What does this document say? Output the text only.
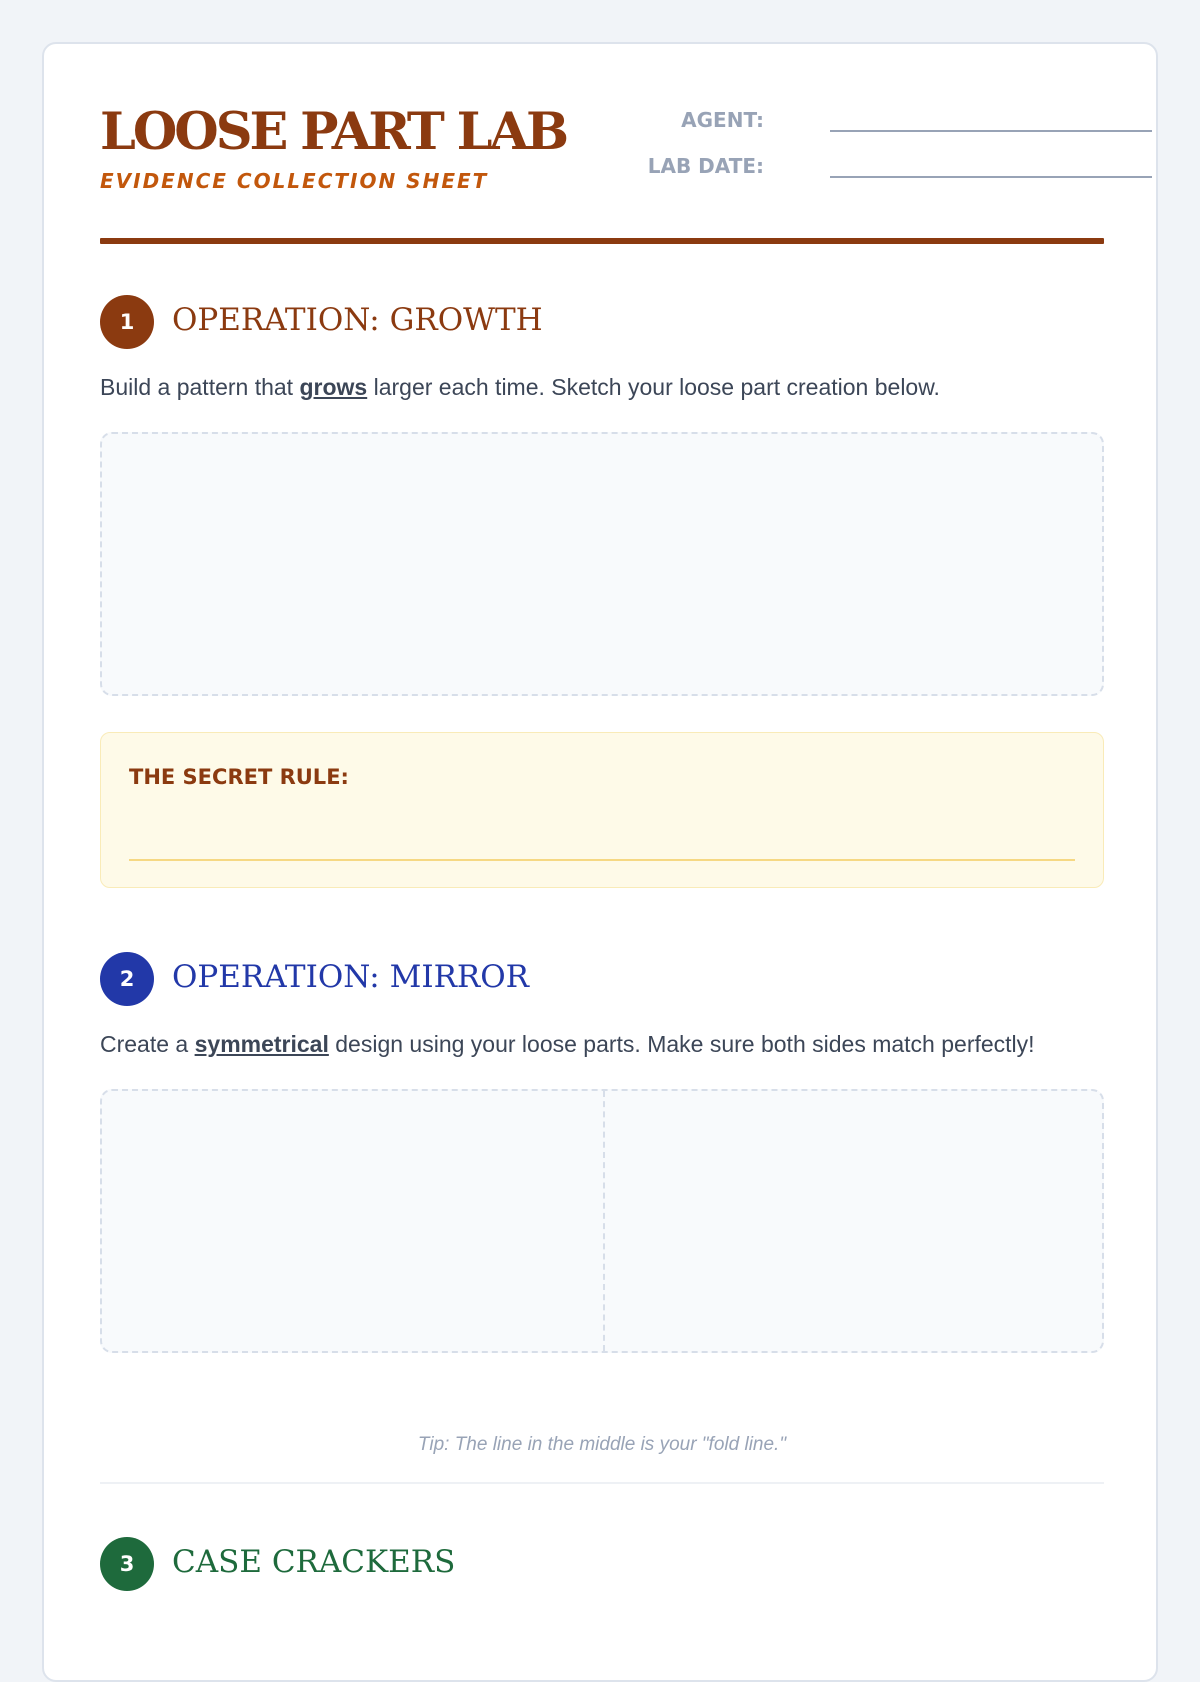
LOOSE PART LAB
EVIDENCE COLLECTION SHEET
AGENT:
LAB DATE:
1	OPERATION: GROWTH
Build a pattern that grows larger each time. Sketch your loose part creation below.
THE SECRET RULE:
2	OPERATION: MIRROR
Create a symmetrical design using your loose parts. Make sure both sides match perfectly!
Tip: The line in the middle is your "fold line."
3	CASE CRACKERS
